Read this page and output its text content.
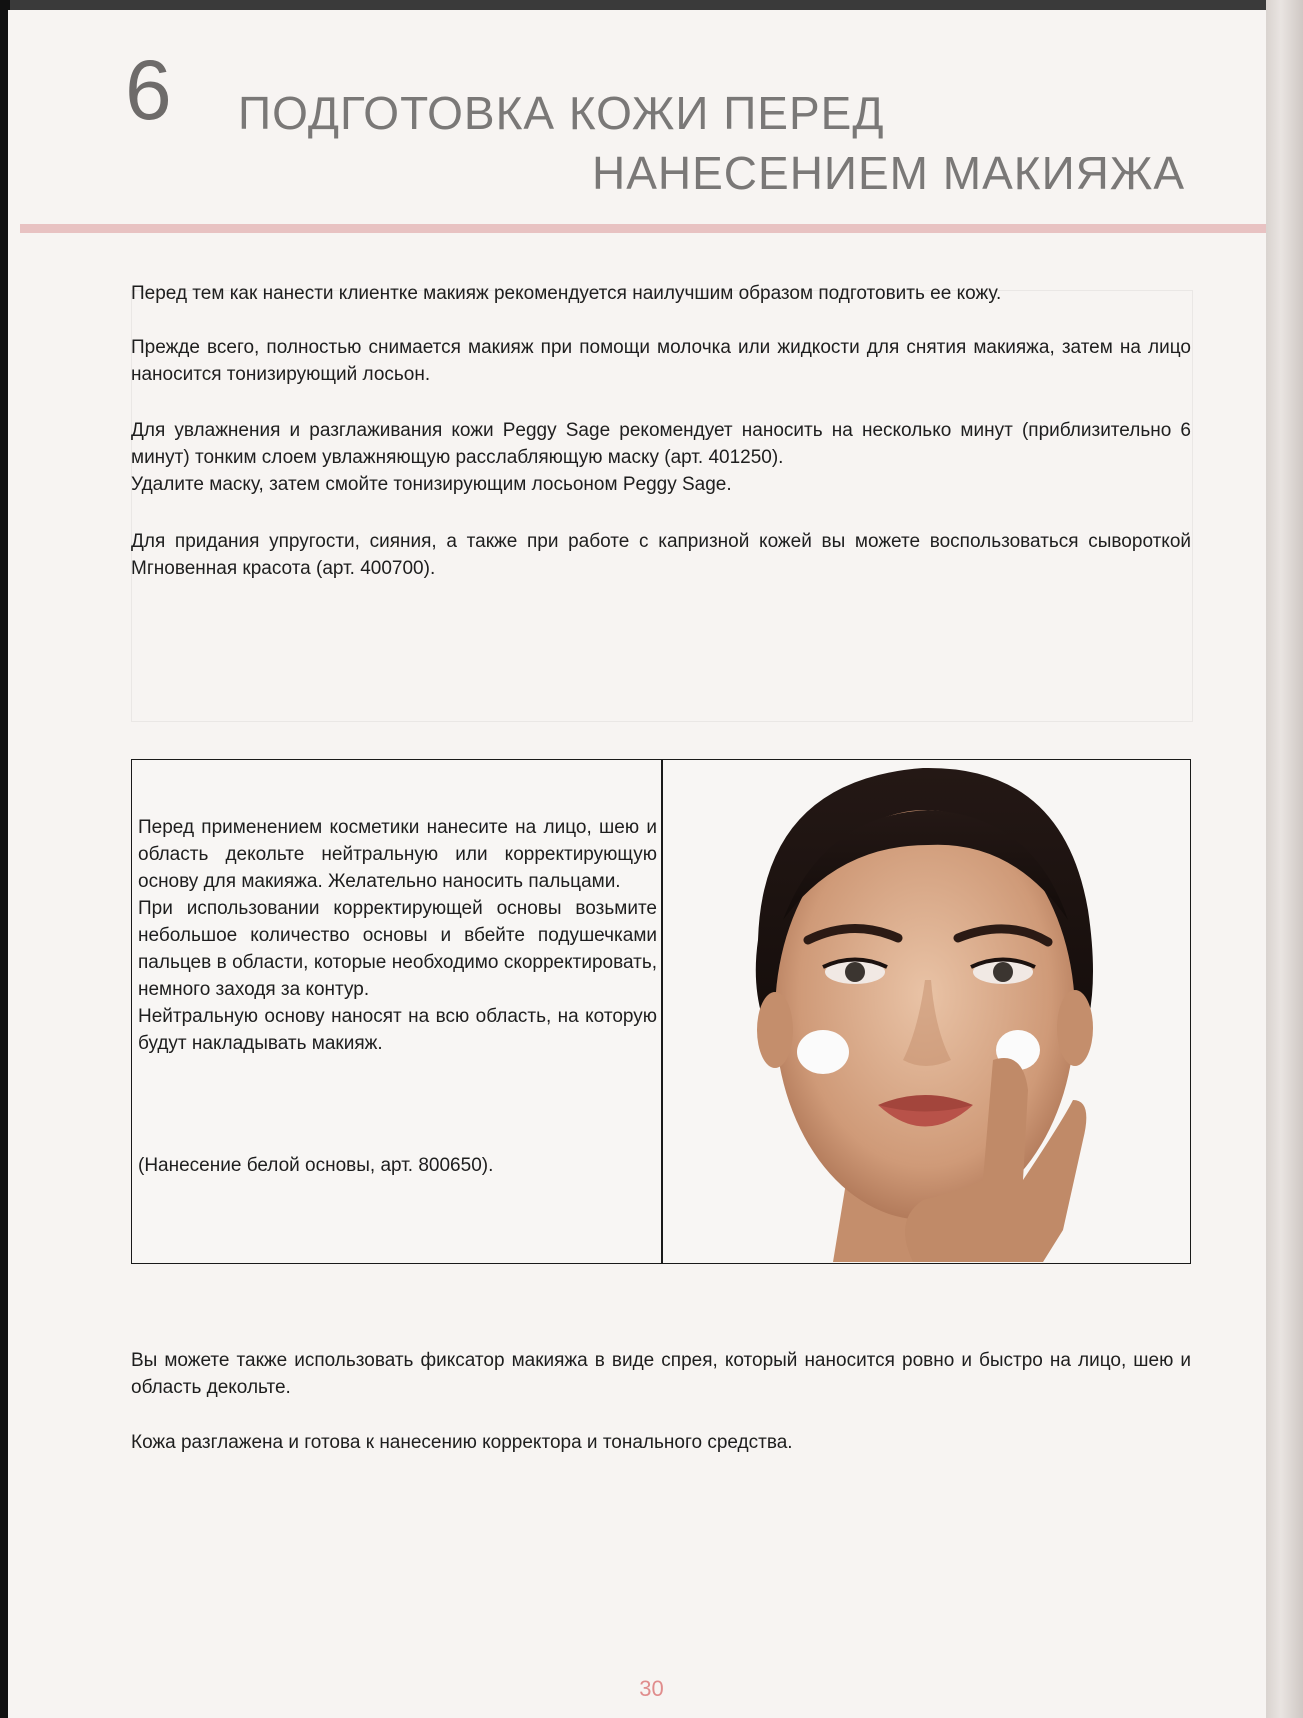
6 ПОДГОТОВКА КОЖИ ПЕРЕД
НАНЕСЕНИЕМ МАКИЯЖА

Перед тем как нанести клиентке макияж рекомендуется наилучшим образом подготовить ее кожу.

Прежде всего, полностью снимается макияж при помощи молочка или жидкости для снятия макияжа, затем на лицо наносится тонизирующий лосьон.

Для увлажнения и разглаживания кожи Peggy Sage рекомендует наносить на несколько минут (приблизительно 6 минут) тонким слоем увлажняющую расслабляющую маску (арт. 401250).

Удалите маску, затем смойте тонизирующим лосьоном Peggy Sage.

Для придания упругости, сияния, а также при работе с капризной кожей вы можете воспользоваться сывороткой Мгновенная красота (арт. 400700).

Перед применением косметики нанесите на лицо, шею и область декольте нейтральную или корректирующую основу для макияжа. Желательно наносить пальцами.

При использовании корректирующей основы возьмите небольшое количество основы и вбейте подушечками пальцев в области, которые необходимо скорректировать, немного заходя за контур.

Нейтральную основу наносят на всю область, на которую будут накладывать макияж.

(Нанесение белой основы, арт. 800650).

Вы можете также использовать фиксатор макияжа в виде спрея, который наносится ровно и быстро на лицо, шею и область декольте.

Кожа разглажена и готова к нанесению корректора и тонального средства.

30
